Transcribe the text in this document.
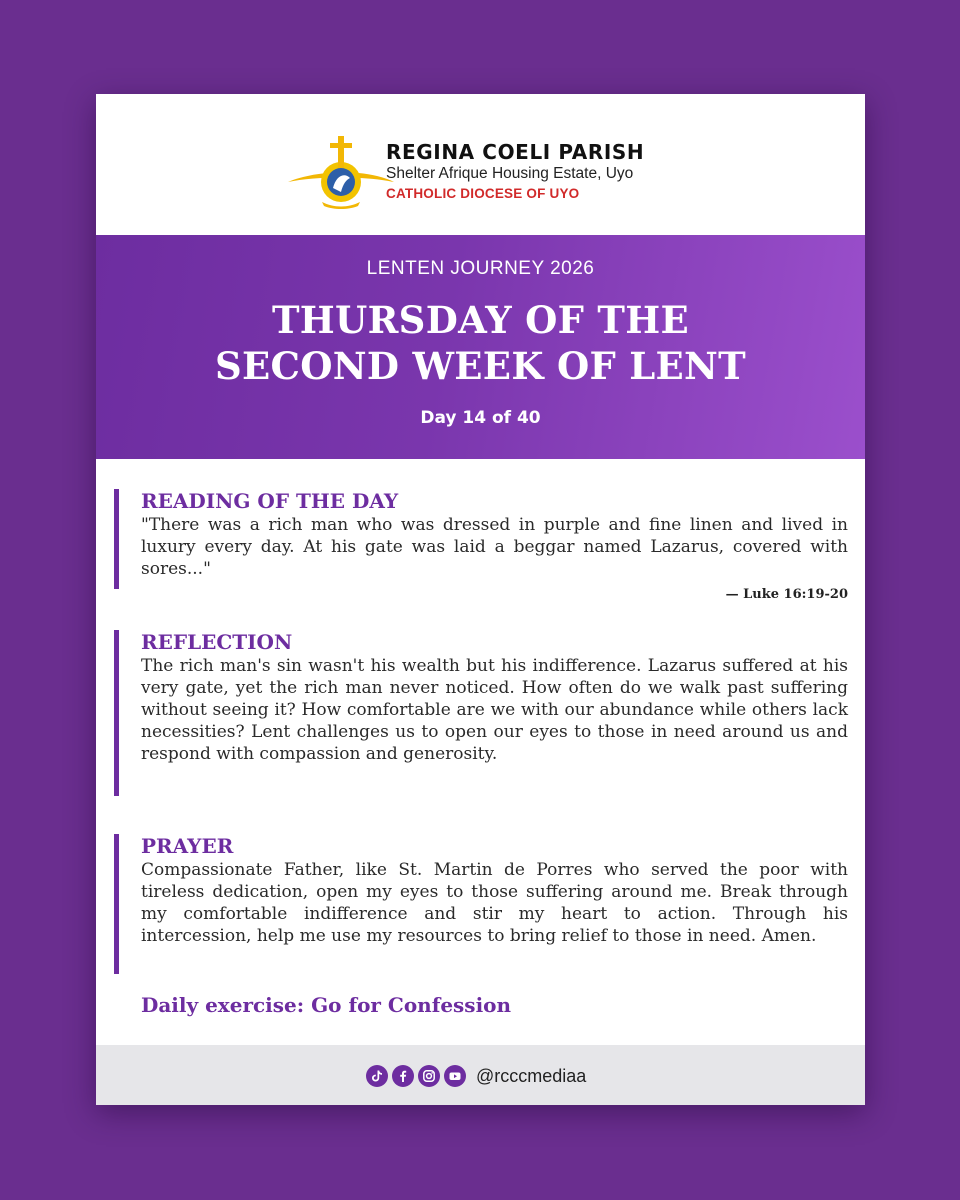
REGINA COELI PARISH
Shelter Afrique Housing Estate, Uyo
CATHOLIC DIOCESE OF UYO
LENTEN JOURNEY 2026
THURSDAY OF THE
SECOND WEEK OF LENT
Day 14 of 40
READING OF THE DAY

"There was a rich man who was dressed in purple and fine linen and lived in luxury every day. At his gate was laid a beggar named Lazarus, covered with sores..."

— Luke 16:19-20
REFLECTION

The rich man's sin wasn't his wealth but his indifference. Lazarus suffered at his very gate, yet the rich man never noticed. How often do we walk past suffering without seeing it? How comfortable are we with our abundance while others lack necessities? Lent challenges us to open our eyes to those in need around us and respond with compassion and generosity.

PRAYER

Compassionate Father, like St. Martin de Porres who served the poor with tireless dedication, open my eyes to those suffering around me. Break through my comfortable indifference and stir my heart to action. Through his intercession, help me use my resources to bring relief to those in need. Amen.

Daily exercise: Go for Confession
@rcccmediaa
